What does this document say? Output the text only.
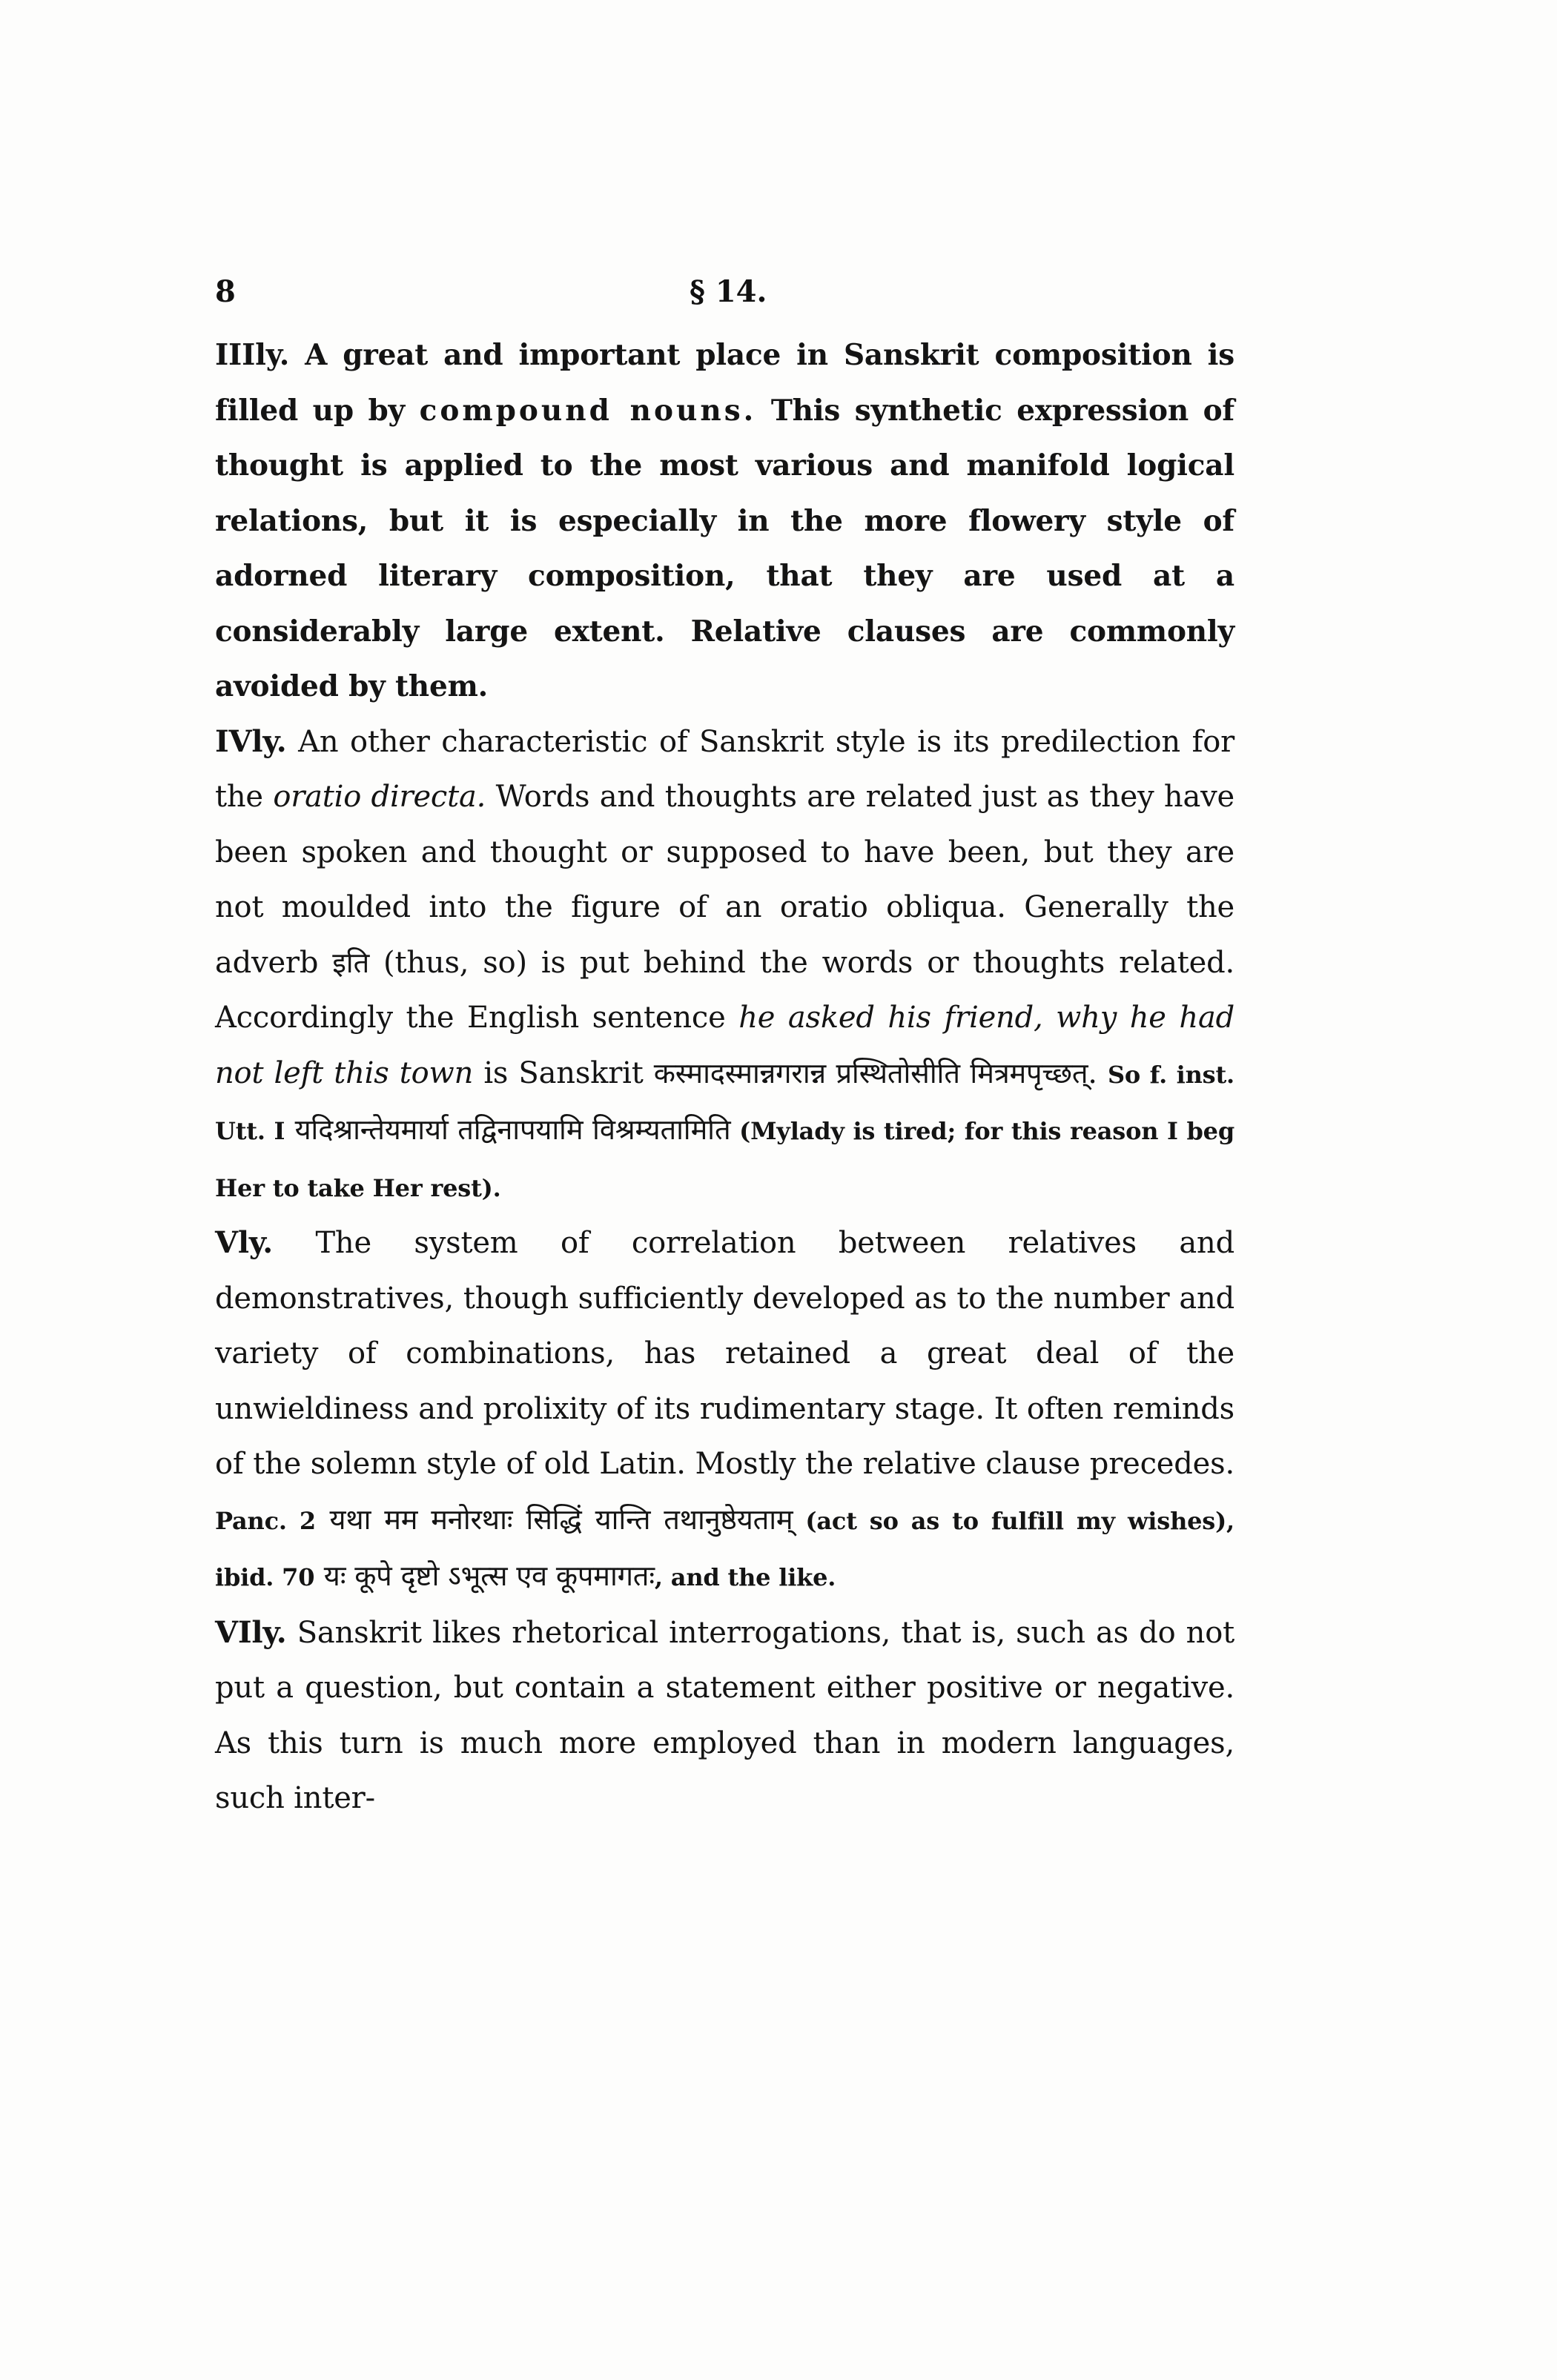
8	§ 14.

IIIly. A great and important place in Sanskrit composition is filled up by compound nouns. This synthetic expression of thought is applied to the most various and manifold logical relations, but it is especially in the more flowery style of adorned literary composition, that they are used at a considerably large extent. Relative clauses are commonly avoided by them.

IVly. An other characteristic of Sanskrit style is its predilection for the oratio directa. Words and thoughts are related just as they have been spoken and thought or supposed to have been, but they are not moulded into the figure of an oratio obliqua. Generally the adverb इति (thus, so) is put behind the words or thoughts related. Accordingly the English sentence he asked his friend, why he had not left this town is Sanskrit कस्मादस्मान्नगरान्न प्रस्थितोसीति मित्रमपृच्छत्. So f. inst. Utt. I यदिश्रान्तेयमार्या तद्विनापयामि विश्रम्यतामिति (Mylady is tired; for this reason I beg Her to take Her rest).

Vly. The system of correlation between relatives and demonstratives, though sufficiently developed as to the number and variety of combinations, has retained a great deal of the unwieldiness and prolixity of its rudimentary stage. It often reminds of the solemn style of old Latin. Mostly the relative clause precedes. Panc. 2 यथा मम मनोरथाः सिद्धिं यान्ति तथानुष्ठेयताम् (act so as to fulfill my wishes), ibid. 70 यः कूपे दृष्टो ऽभूत्स एव कूपमागतः, and the like.

VIly. Sanskrit likes rhetorical interrogations, that is, such as do not put a question, but contain a statement either positive or negative. As this turn is much more employed than in modern languages, such inter-
